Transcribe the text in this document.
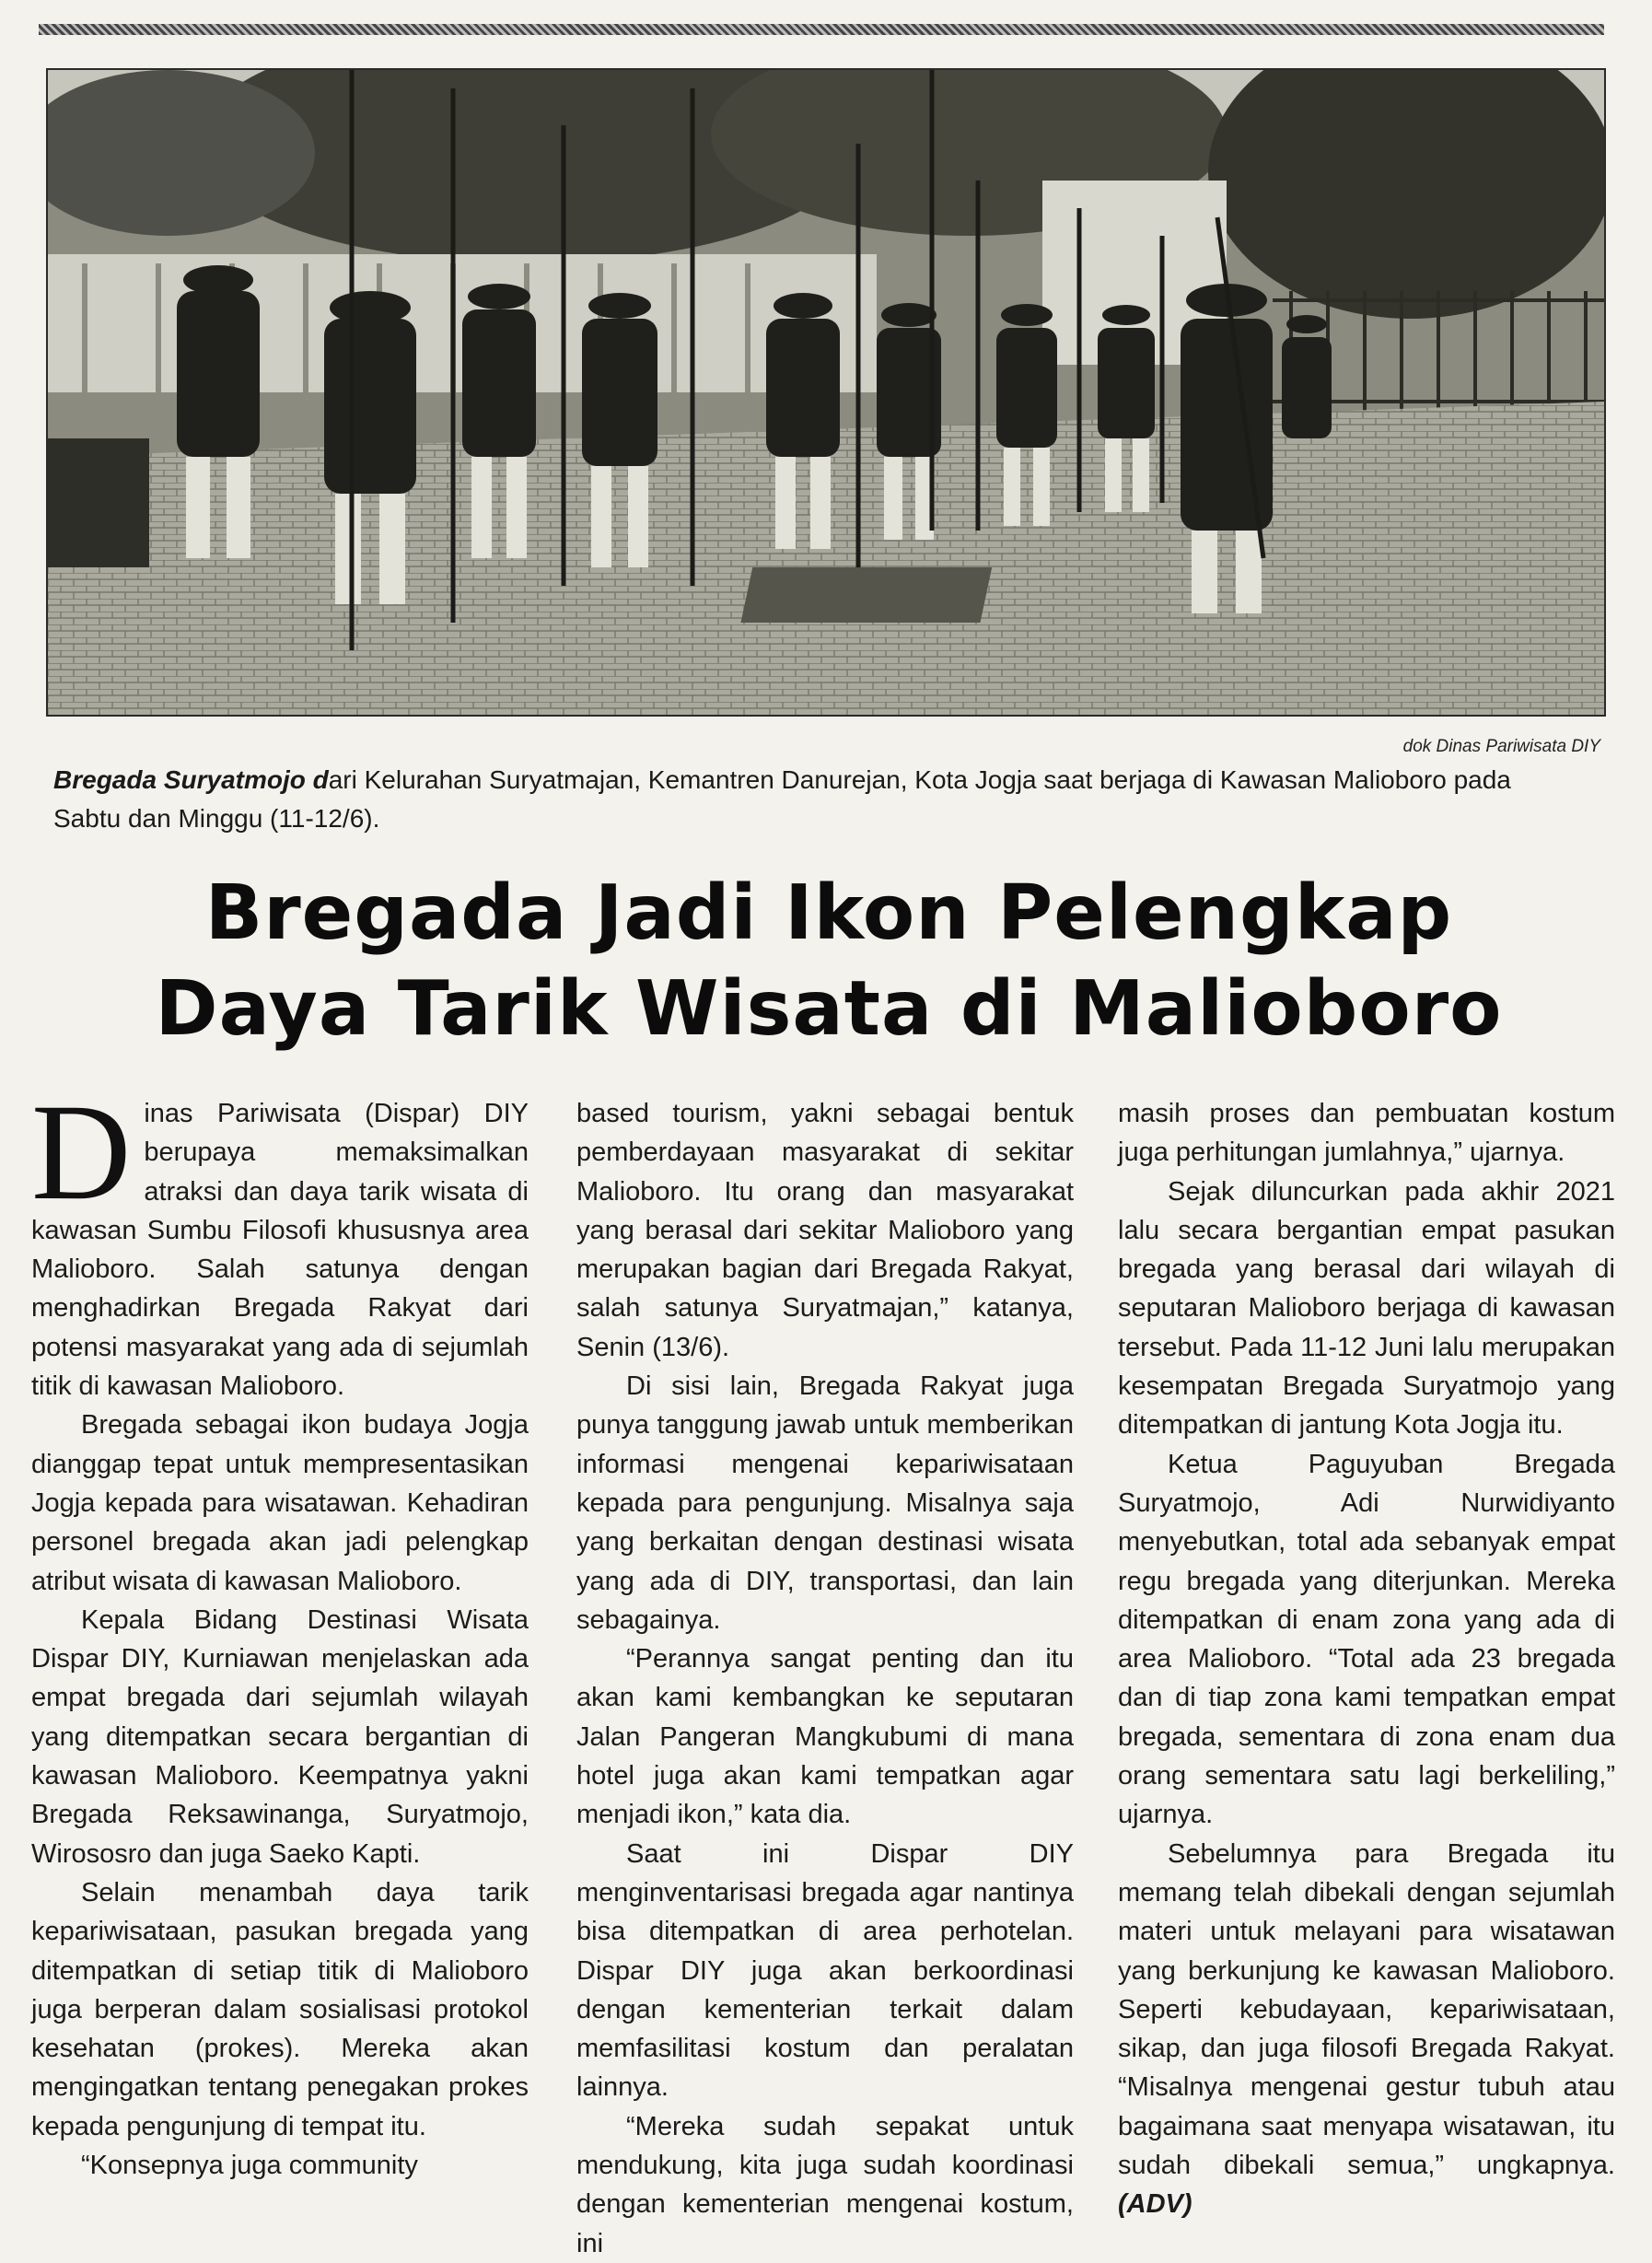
dok Dinas Pariwisata DIY
Bregada Suryatmojo dari Kelurahan Suryatmajan, Kemantren Danurejan, Kota Jogja saat berjaga di Kawasan Malioboro pada Sabtu dan Minggu (11-12/6).
Bregada Jadi Ikon Pelengkap
Daya Tarik Wisata di Malioboro

Dinas Pariwisata (Dispar) DIY berupaya memaksimalkan atraksi dan daya tarik wisata di kawasan Sumbu Filosofi khususnya area Malioboro. Salah satunya dengan menghadirkan Bregada Rakyat dari potensi masyarakat yang ada di sejumlah titik di kawasan Malioboro.

Bregada sebagai ikon budaya Jogja dianggap tepat untuk mempresentasikan Jogja kepada para wisatawan. Kehadiran personel bregada akan jadi pelengkap atribut wisata di kawasan Malioboro.

Kepala Bidang Destinasi Wisata Dispar DIY, Kurniawan menjelaskan ada empat bregada dari sejumlah wilayah yang ditempatkan secara bergantian di kawasan Malioboro. Keempatnya yakni Bregada Reksawinanga, Suryatmojo, Wirososro dan juga Saeko Kapti.

Selain menambah daya tarik kepariwisataan, pasukan bregada yang ditempatkan di setiap titik di Malioboro juga berperan dalam sosialisasi protokol kesehatan (prokes). Mereka akan mengingatkan tentang penegakan prokes kepada pengunjung di tempat itu.

“Konsepnya juga community

based tourism, yakni sebagai bentuk pemberdayaan masyarakat di sekitar Malioboro. Itu orang dan masyarakat yang berasal dari sekitar Malioboro yang merupakan bagian dari Bregada Rakyat, salah satunya Suryatmajan,” katanya, Senin (13/6).

Di sisi lain, Bregada Rakyat juga punya tanggung jawab untuk memberikan informasi mengenai kepariwisataan kepada para pengunjung. Misalnya saja yang berkaitan dengan destinasi wisata yang ada di DIY, transportasi, dan lain sebagainya.

“Perannya sangat penting dan itu akan kami kembangkan ke seputaran Jalan Pangeran Mangkubumi di mana hotel juga akan kami tempatkan agar menjadi ikon,” kata dia.

Saat ini Dispar DIY menginventarisasi bregada agar nantinya bisa ditempatkan di area perhotelan. Dispar DIY juga akan berkoordinasi dengan kementerian terkait dalam memfasilitasi kostum dan peralatan lainnya.

“Mereka sudah sepakat untuk mendukung, kita juga sudah koordinasi dengan kementerian mengenai kostum, ini

masih proses dan pembuatan kostum juga perhitungan jumlahnya,” ujarnya.

Sejak diluncurkan pada akhir 2021 lalu secara bergantian empat pasukan bregada yang berasal dari wilayah di seputaran Malioboro berjaga di kawasan tersebut. Pada 11-12 Juni lalu merupakan kesempatan Bregada Suryatmojo yang ditempatkan di jantung Kota Jogja itu.

Ketua Paguyuban Bregada Suryatmojo, Adi Nurwidiyanto menyebutkan, total ada sebanyak empat regu bregada yang diterjunkan. Mereka ditempatkan di enam zona yang ada di area Malioboro. “Total ada 23 bregada dan di tiap zona kami tempatkan empat bregada, sementara di zona enam dua orang sementara satu lagi berkeliling,” ujarnya.

Sebelumnya para Bregada itu memang telah dibekali dengan sejumlah materi untuk melayani para wisatawan yang berkunjung ke kawasan Malioboro. Seperti kebudayaan, kepariwisataan, sikap, dan juga filosofi Bregada Rakyat. “Misalnya mengenai gestur tubuh atau bagaimana saat menyapa wisatawan, itu sudah dibekali semua,” ungkapnya. (ADV)
